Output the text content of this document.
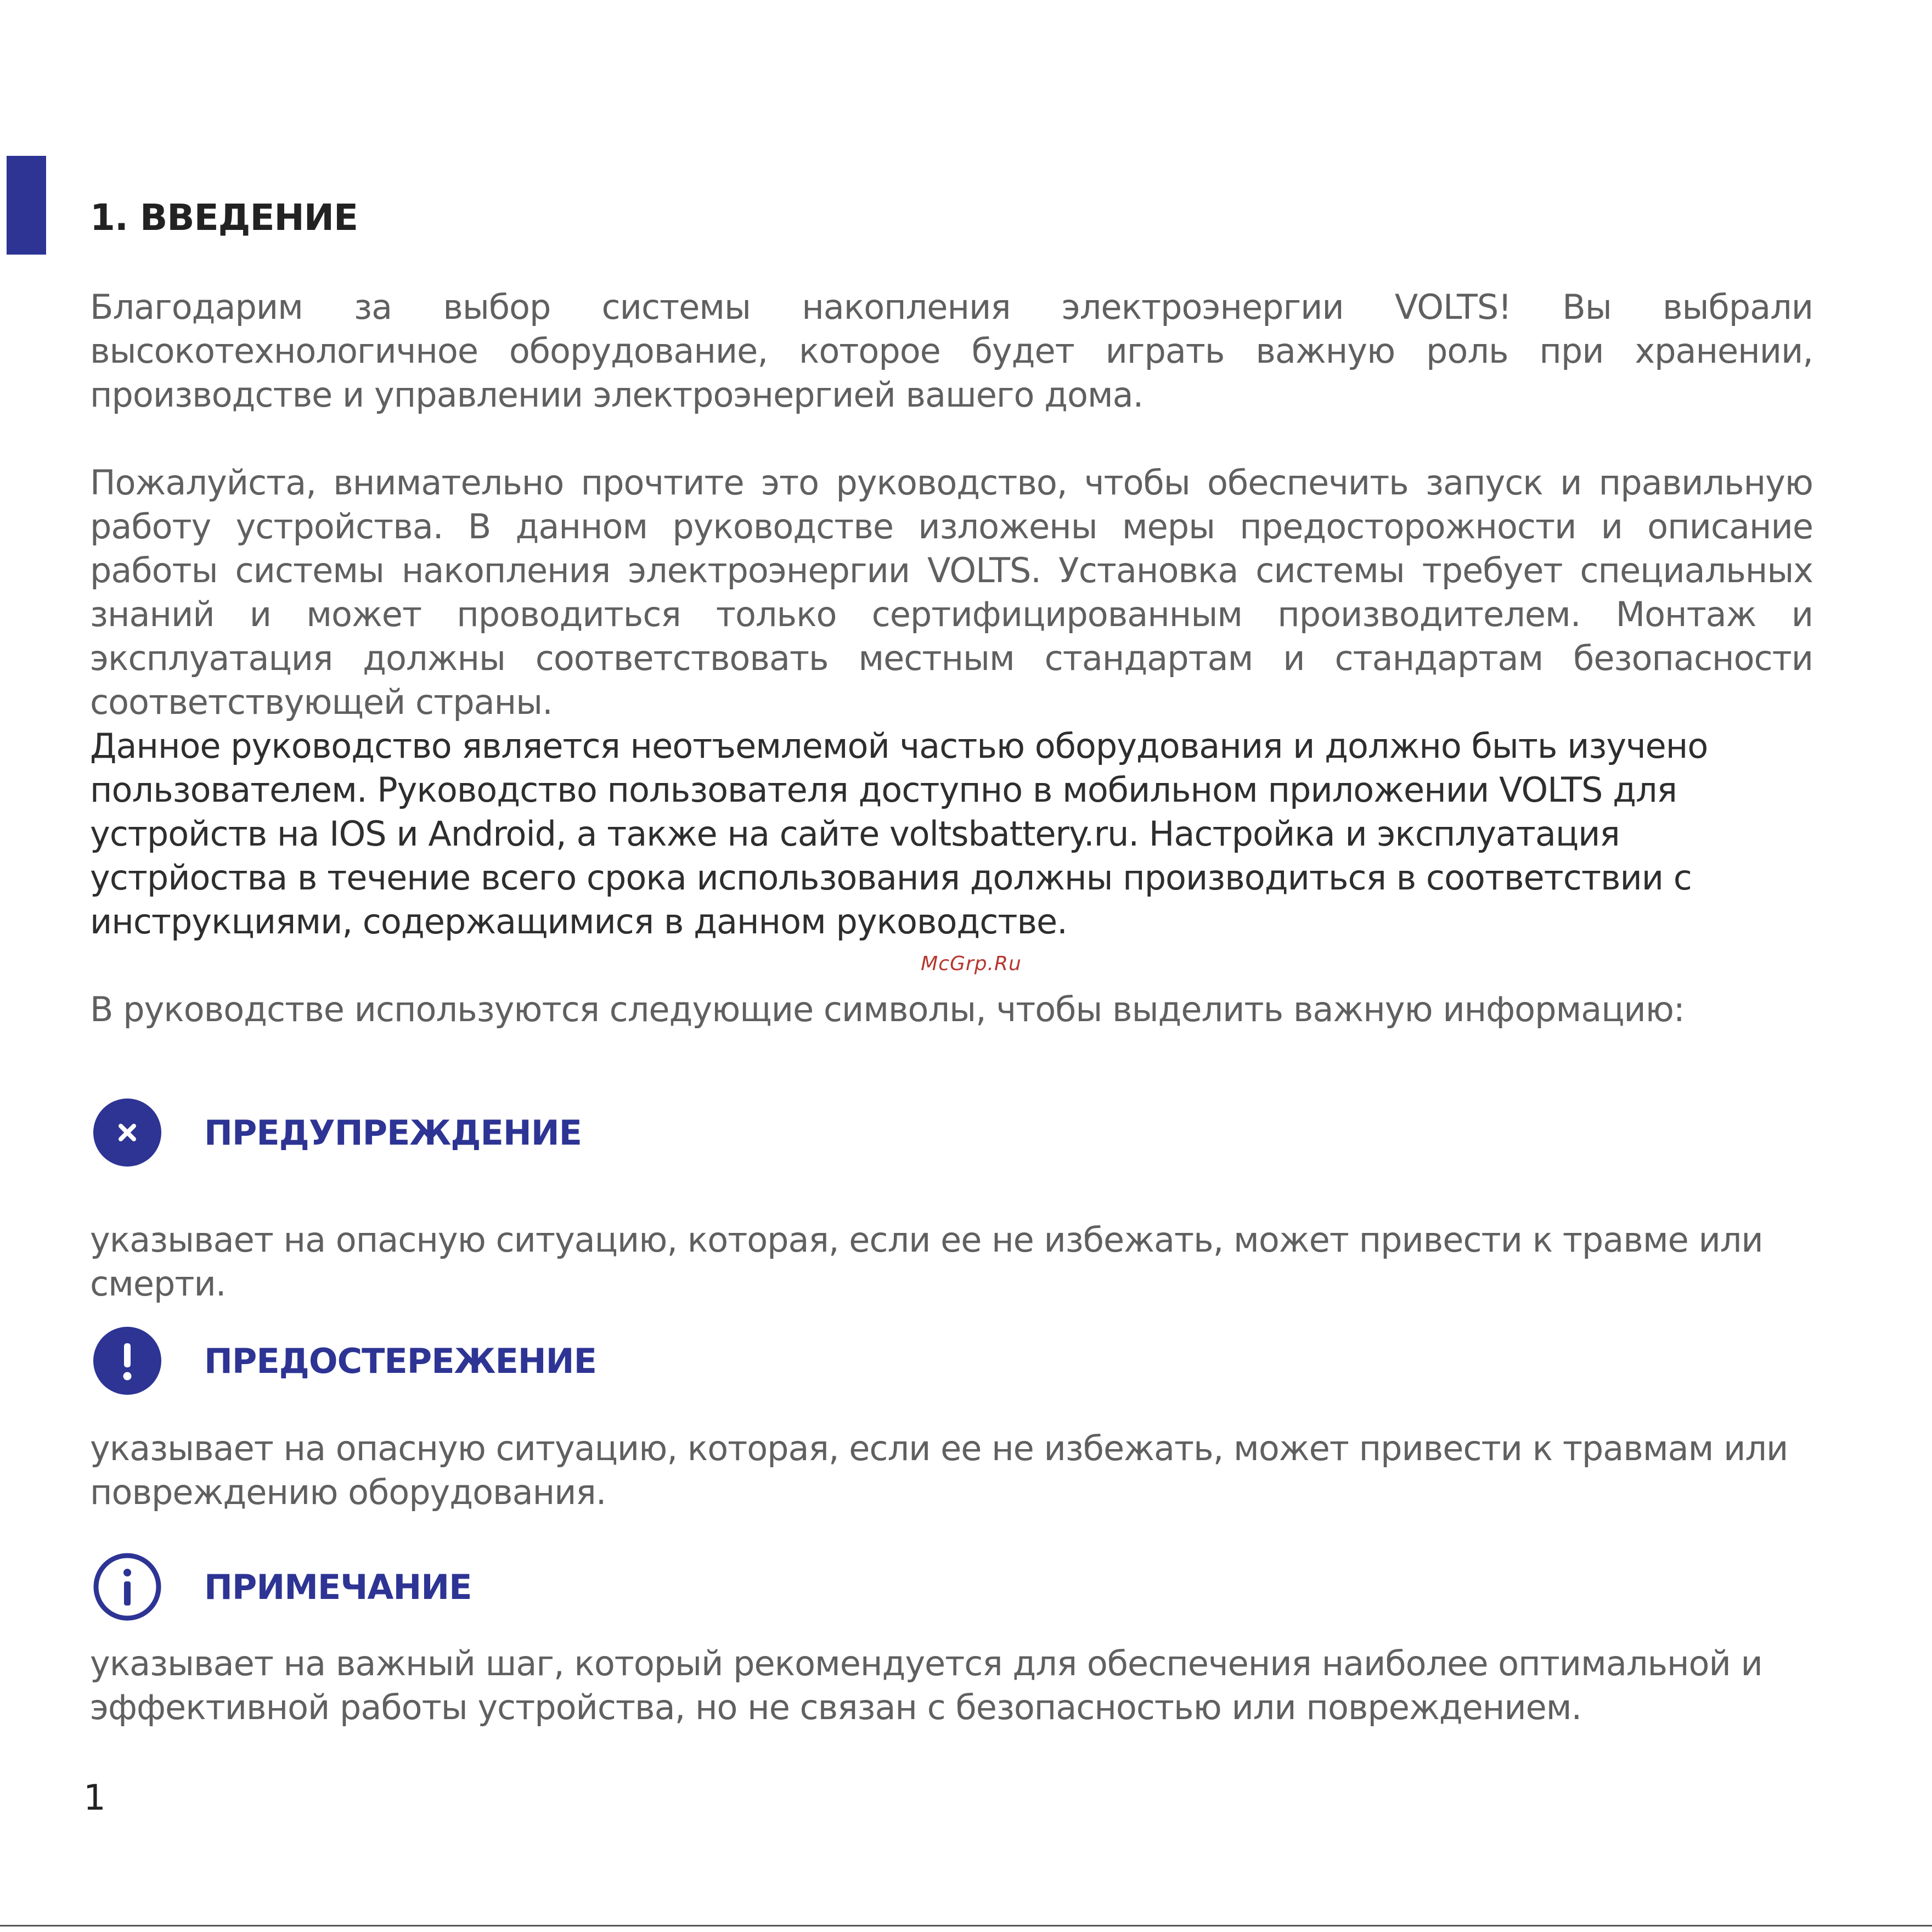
1. ВВЕДЕНИЕ

Благодарим за выбор системы накопления электроэнергии VOLTS! Вы выбрали высокотехнологичное оборудование, которое будет играть важную роль при хранении, производстве и управлении электроэнергией вашего дома.

Пожалуйста, внимательно прочтите это руководство, чтобы обеспечить запуск и правильную работу устройства. В данном руководстве изложены меры предосторожности и описание работы системы накопления электроэнергии VOLTS. Установка системы требует специальных знаний и может проводиться только сертифицированным производителем. Монтаж и эксплуатация должны соответствовать местным стандартам и стандартам безопасности соответствующей страны.

Данное руководство является неотъемлемой частью оборудования и должно быть изучено пользователем. Руководство пользователя доступно в мобильном приложении VOLTS для устройств на IOS и Android, а также на сайте voltsbattery.ru. Настройка и эксплуатация устрйоства в течение всего срока использования должны производиться в соответствии с инструкциями, содержащимися в данном руководстве.

McGrp.Ru

В руководстве используются следующие символы, чтобы выделить важную информацию:

ПРЕДУПРЕЖДЕНИЕ

указывает на опасную ситуацию, которая, если ее не избежать, может привести к травме или смерти.

ПРЕДОСТЕРЕЖЕНИЕ

указывает на опасную ситуацию, которая, если ее не избежать, может привести к травмам или повреждению оборудования.

ПРИМЕЧАНИЕ

указывает на важный шаг, который рекомендуется для обеспечения наиболее оптимальной и эффективной работы устройства, но не связан с безопасностью или повреждением.

1
